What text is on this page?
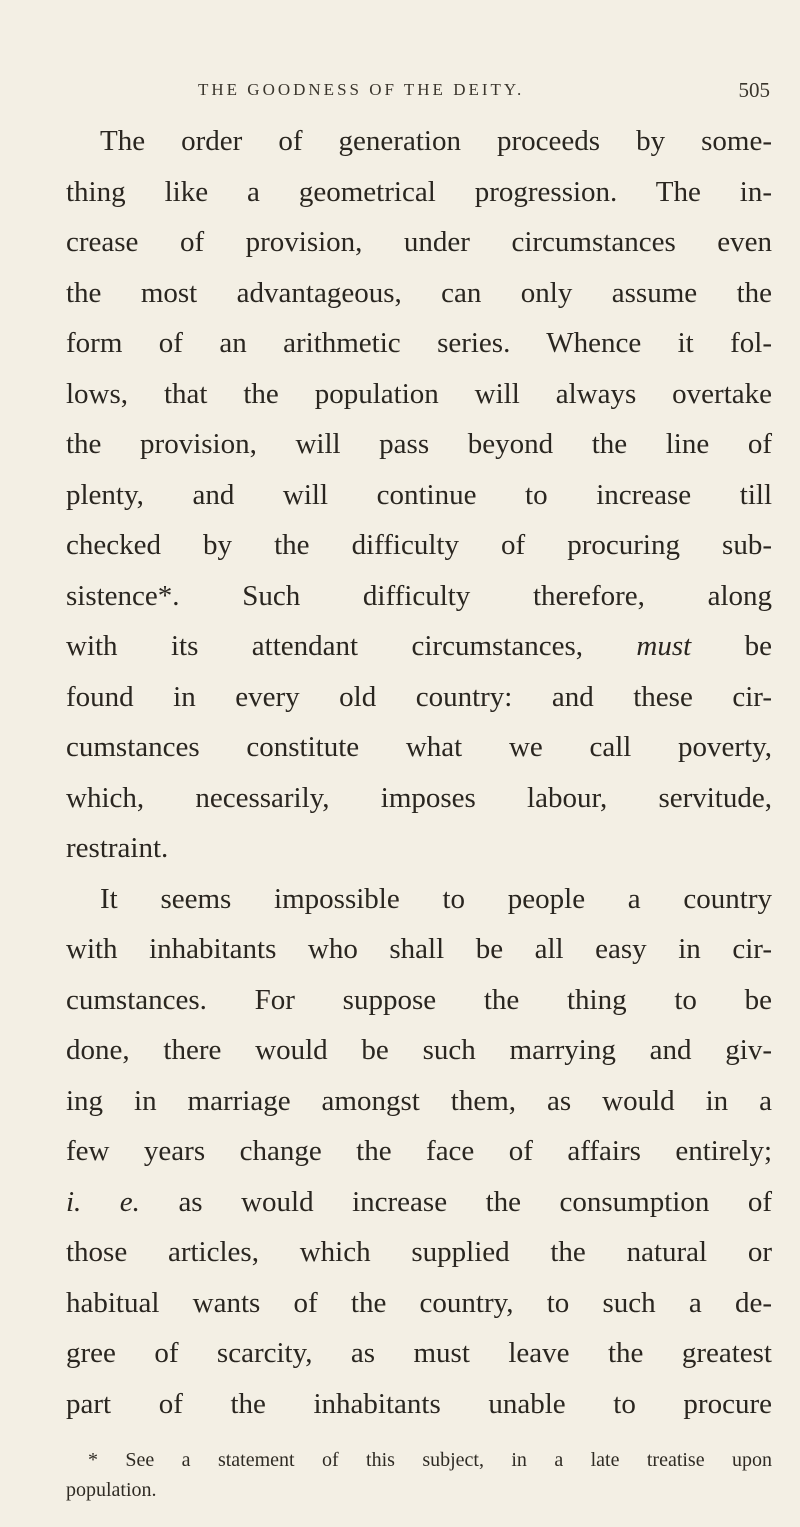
THE GOODNESS OF THE DEITY.	505
The order of generation proceeds by some-
thing like a geometrical progression. The in-
crease of provision, under circumstances even
the most advantageous, can only assume the
form of an arithmetic series. Whence it fol-
lows, that the population will always overtake
the provision, will pass beyond the line of
plenty, and will continue to increase till
checked by the difficulty of procuring sub-
sistence*. Such difficulty therefore, along
with its attendant circumstances, must be
found in every old country: and these cir-
cumstances constitute what we call poverty,
which, necessarily, imposes labour, servitude,
restraint.
It seems impossible to people a country
with inhabitants who shall be all easy in cir-
cumstances. For suppose the thing to be
done, there would be such marrying and giv-
ing in marriage amongst them, as would in a
few years change the face of affairs entirely;
i. e. as would increase the consumption of
those articles, which supplied the natural or
habitual wants of the country, to such a de-
gree of scarcity, as must leave the greatest
part of the inhabitants unable to procure
* See a statement of this subject, in a late treatise upon
population.
